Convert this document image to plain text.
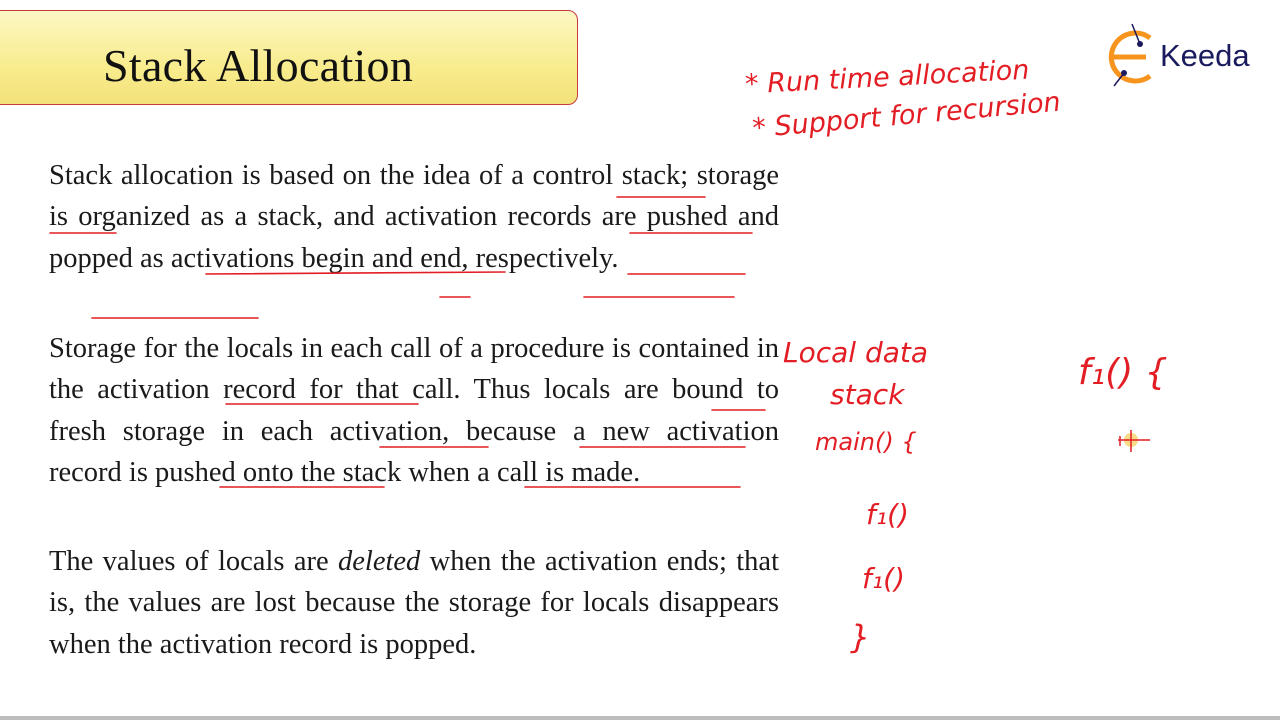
Stack Allocation	Keeda
Stack allocation is based on the idea of a control stack; storage is organized as a stack, and activation records are pushed and popped as activations begin and end, respectively.
Storage for the locals in each call of a procedure is contained in the activation record for that call. Thus locals are bound to fresh storage in each activation, because a new activation record is pushed onto the stack when a call is made.
The values of locals are deleted when the activation ends; that is, the values are lost because the storage for locals disappears when the activation record is popped.
* Run time allocation
* Support for recursion
Local data
stack
main() {
f₁()
f₁()
}
f₁() {
